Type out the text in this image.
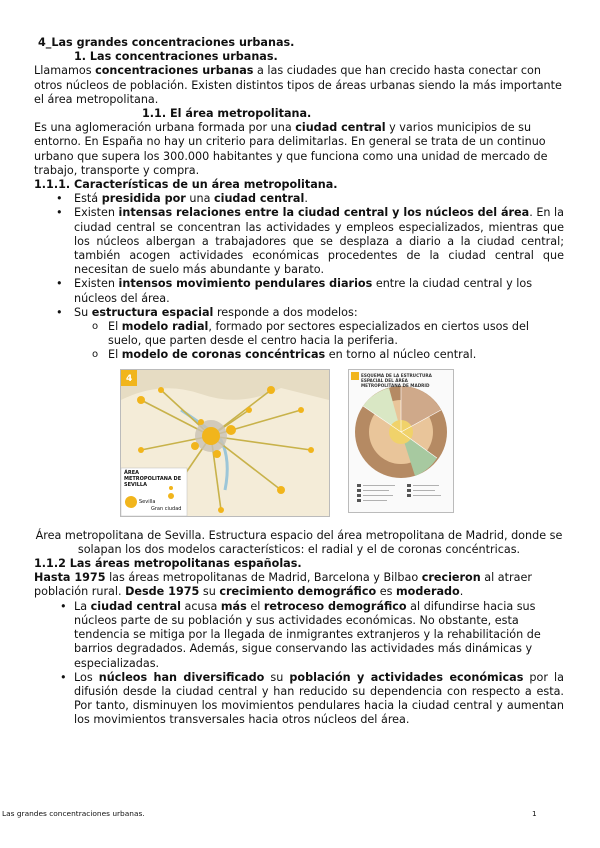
4_Las grandes concentraciones urbanas.

1. Las concentraciones urbanas.

Llamamos concentraciones urbanas a las ciudades que han crecido hasta conectar con otros núcleos de población. Existen distintos tipos de áreas urbanas siendo la más importante el área metropolitana.

1.1. El área metropolitana.

Es una aglomeración urbana formada por una ciudad central y varios municipios de su entorno. En España no hay un criterio para delimitarlas. En general se trata de un continuo urbano que supera los 300.000 habitantes y que funciona como una unidad de mercado de trabajo, transporte y compra.

1.1.1. Características de un área metropolitana.

• Está presidida por una ciudad central.
• Existen intensas relaciones entre la ciudad central y los núcleos del área. En la ciudad central se concentran las actividades y empleos especializados, mientras que los núcleos albergan a trabajadores que se desplaza a diario a la ciudad central; también acogen actividades económicas procedentes de la ciudad central que necesitan de suelo más abundante y barato.
• Existen intensos movimiento pendulares diarios entre la ciudad central y los núcleos del área.
• Su estructura espacial responde a dos modelos:
o El modelo radial, formado por sectores especializados en ciertos usos del suelo, que parten desde el centro hacia la periferia.
o El modelo de coronas concéntricas en torno al núcleo central.
4
ÁREA METROPOLITANA DE SEVILLA
Sevilla
Gran ciudad
ESQUEMA DE LA ESTRUCTURA ESPACIAL DEL ÁREA METROPOLITANA DE MADRID

Área metropolitana de Sevilla. Estructura espacio del área metropolitana de Madrid, donde se solapan los dos modelos característicos: el radial y el de coronas concéntricas.

1.1.2 Las áreas metropolitanas españolas.

Hasta 1975 las áreas metropolitanas de Madrid, Barcelona y Bilbao crecieron al atraer población rural. Desde 1975 su crecimiento demográfico es moderado.

• La ciudad central acusa más el retroceso demográfico al difundirse hacia sus núcleos parte de su población y sus actividades económicas. No obstante, esta tendencia se mitiga por la llegada de inmigrantes extranjeros y la rehabilitación de barrios degradados. Además, sigue conservando las actividades más dinámicas y especializadas.
• Los núcleos han diversificado su población y actividades económicas por la difusión desde la ciudad central y han reducido su dependencia con respecto a esta. Por tanto, disminuyen los movimientos pendulares hacia la ciudad central y aumentan los movimientos transversales hacia otros núcleos del área.
Las grandes concentraciones urbanas.	1
